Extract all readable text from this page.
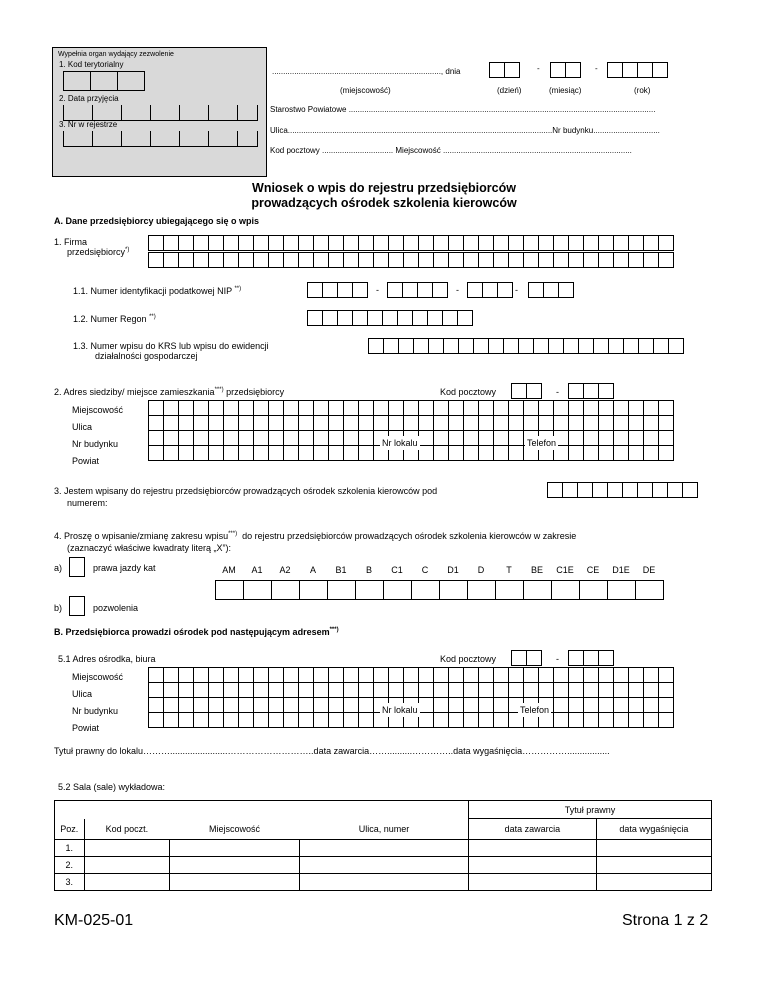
Wypełnia organ wydający zezwolenie
1. Kod terytorialny
2. Data przyjęcia
3. Nr w rejestrze
............................................................................, dnia	-	-
(miejscowość)	(dzień)	(miesiąc)	(rok)
Starostwo Powiatowe ..........................................................................................................................................
Ulica.......................................................................................................................Nr budynku..............................
Kod pocztowy ................................ Miejscowość .....................................................................................
Wniosek o wpis do rejestru przedsiębiorców
prowadzących ośrodek szkolenia kierowców
A. Dane przedsiębiorcy ubiegającego się o wpis
1. Firma
przedsiębiorcy*)
1.1. Numer identyfikacji podatkowej NIP **)	-	-	-
1.2. Numer Regon **)
1.3. Numer wpisu do KRS lub wpisu do ewidencji
działalności gospodarczej
2. Adres siedziby/ miejsce zamieszkania***) przedsiębiorcy	Kod pocztowy	-
Miejscowość
Ulica
Nr budynku
Powiat
Nr lokalu	Telefon
3. Jestem wpisany do rejestru przedsiębiorców prowadzących ośrodek szkolenia kierowców pod
numerem:
4. Proszę o wpisanie/zmianę zakresu wpisu***) do rejestru przedsiębiorców prowadzących ośrodek szkolenia kierowców w zakresie
(zaznaczyć właściwe kwadraty literą „X”):
a)	prawa jazdy kat	AM	A1	A2	A	B1	B	C1	C	D1	D	T	BE	C1E	CE	D1E	DE
b)	pozwolenia
B. Przedsiębiorca prowadzi ośrodek pod następującym adresem***)
5.1 Adres ośrodka, biura	Kod pocztowy	-
Miejscowość
Ulica
Nr budynku
Powiat
Nr lokalu	Telefon
Tytuł prawny do lokalu……….......................………………………..data zawarcia……..........…………..data wygaśnięcia…………….................
5.2 Sala (sale) wykładowa:
				Tytuł prawny	
Poz.	Kod poczt.	Miejscowość	Ulica, numer	data zawarcia	data wygaśnięcia
1.					
2.					
3.					
KM-025-01	Strona 1 z 2
